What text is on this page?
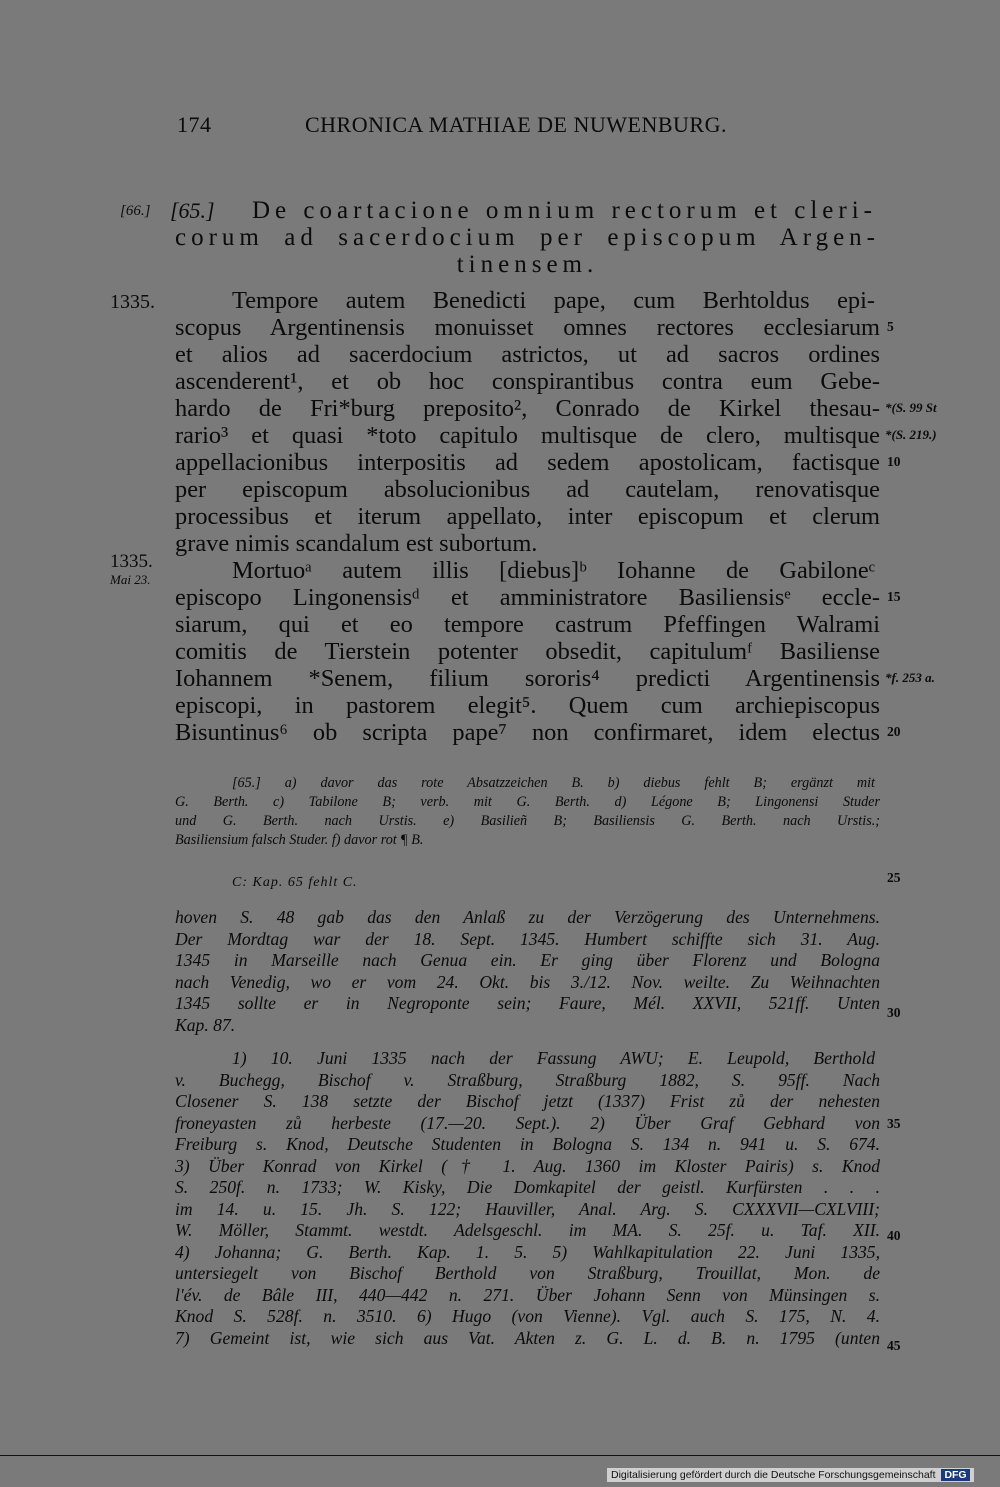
174	CHRONICA MATHIAE DE NUWENBURG.
[66.] [65.] De coartacione omnium rectorum et cleri-
corum ad sacerdocium per episcopum Argen-
tinensem.
1335.
1335.
Mai 23.
Tempore autem Benedicti pape, cum Berhtoldus epi-
scopus Argentinensis monuisset omnes rectores ecclesiarum
et alios ad sacerdocium astrictos, ut ad sacros ordines
ascenderent¹, et ob hoc conspirantibus contra eum Gebe-
hardo de Fri*burg preposito², Conrado de Kirkel thesau-
rario³ et quasi *toto capitulo multisque de clero, multisque
appellacionibus interpositis ad sedem apostolicam, factisque
per episcopum absolucionibus ad cautelam, renovatisque
processibus et iterum appellato, inter episcopum et clerum
grave nimis scandalum est subortum.
Mortuoᵃ autem illis [diebus]ᵇ Iohanne de Gabiloneᶜ
episcopo Lingonensisᵈ et amministratore Basiliensisᵉ eccle-
siarum, qui et eo tempore castrum Pfeffingen Walrami
comitis de Tierstein potenter obsedit, capitulumᶠ Basiliense
Iohannem *Senem, filium sororis⁴ predicti Argentinensis
episcopi, in pastorem elegit⁵. Quem cum archiepiscopus
Bisuntinus⁶ ob scripta pape⁷ non confirmaret, idem electus
5
10
15
20
25
30
35
40
45
*(S. 99 St
*(S. 219.)
*f. 253 a.
[65.] a) davor das rote Absatzzeichen B. b) diebus fehlt B; ergänzt mit
G. Berth. c) Tabilone B; verb. mit G. Berth. d) Légone B; Lingonensi Studer
und G. Berth. nach Urstis. e) Basilieñ B; Basiliensis G. Berth. nach Urstis.;
Basiliensium falsch Studer. f) davor rot ¶ B.
C: Kap. 65 fehlt C.
hoven S. 48 gab das den Anlaß zu der Verzögerung des Unternehmens.
Der Mordtag war der 18. Sept. 1345. Humbert schiffte sich 31. Aug.
1345 in Marseille nach Genua ein. Er ging über Florenz und Bologna
nach Venedig, wo er vom 24. Okt. bis 3./12. Nov. weilte. Zu Weihnachten
1345 sollte er in Negroponte sein; Faure, Mél. XXVII, 521ff. Unten
Kap. 87.
1) 10. Juni 1335 nach der Fassung AWU; E. Leupold, Berthold
v. Buchegg, Bischof v. Straßburg, Straßburg 1882, S. 95ff. Nach
Closener S. 138 setzte der Bischof jetzt (1337) Frist zů der nehesten
froneyasten zů herbeste (17.—20. Sept.). 2) Über Graf Gebhard von
Freiburg s. Knod, Deutsche Studenten in Bologna S. 134 n. 941 u. S. 674.
3) Über Konrad von Kirkel († 1. Aug. 1360 im Kloster Pairis) s. Knod
S. 250f. n. 1733; W. Kisky, Die Domkapitel der geistl. Kurfürsten . . .
im 14. u. 15. Jh. S. 122; Hauviller, Anal. Arg. S. CXXXVII—CXLVIII;
W. Möller, Stammt. westdt. Adelsgeschl. im MA. S. 25f. u. Taf. XII.
4) Johanna; G. Berth. Kap. 1. 5. 5) Wahlkapitulation 22. Juni 1335,
untersiegelt von Bischof Berthold von Straßburg, Trouillat, Mon. de
l'év. de Bâle III, 440—442 n. 271. Über Johann Senn von Münsingen s.
Knod S. 528f. n. 3510. 6) Hugo (von Vienne). Vgl. auch S. 175, N. 4.
7) Gemeint ist, wie sich aus Vat. Akten z. G. L. d. B. n. 1795 (unten
Digitalisierung gefördert durch die Deutsche Forschungsgemeinschaft DFG
